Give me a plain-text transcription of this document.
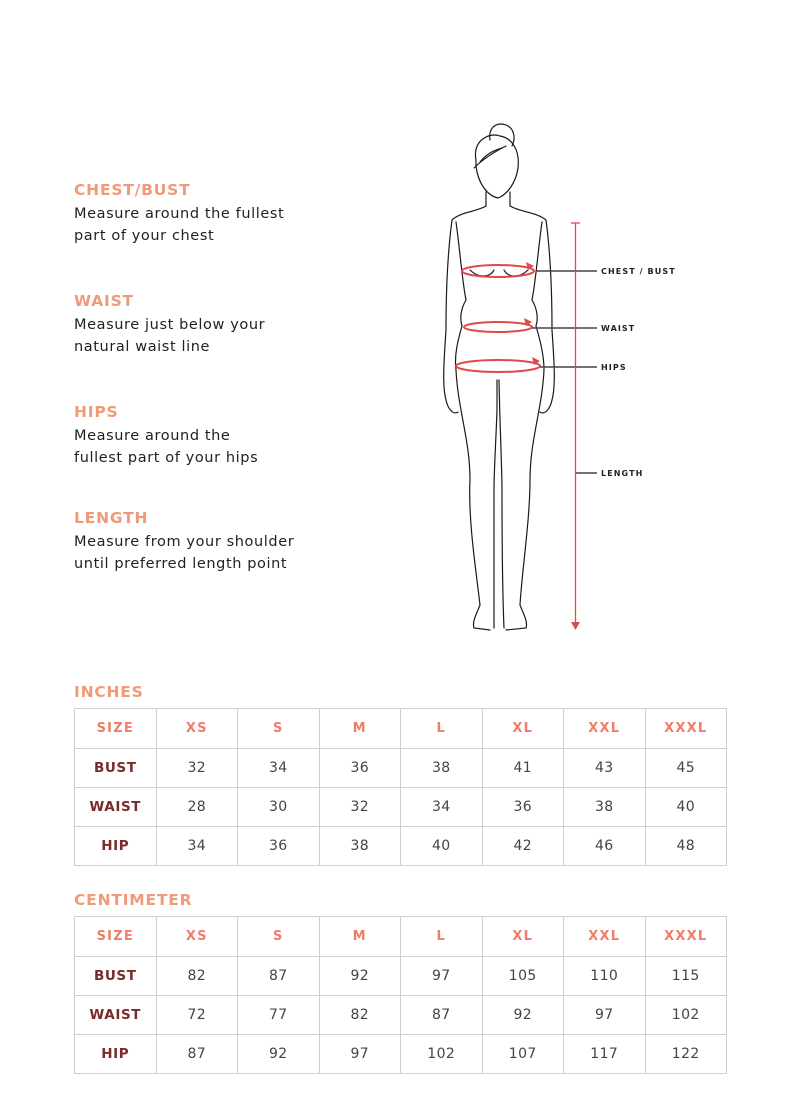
CHEST/BUST
Measure around the fullest
part of your chest
WAIST
Measure just below your
natural waist line
HIPS
Measure around the
fullest part of your hips
LENGTH
Measure from your shoulder
until preferred length point
CHEST / BUST
WAIST
HIPS
LENGTH
INCHES
SIZE	XS	S	M	L	XL	XXL	XXXL
BUST	32	34	36	38	41	43	45
WAIST	28	30	32	34	36	38	40
HIP	34	36	38	40	42	46	48
CENTIMETER
SIZE	XS	S	M	L	XL	XXL	XXXL
BUST	82	87	92	97	105	110	115
WAIST	72	77	82	87	92	97	102
HIP	87	92	97	102	107	117	122
